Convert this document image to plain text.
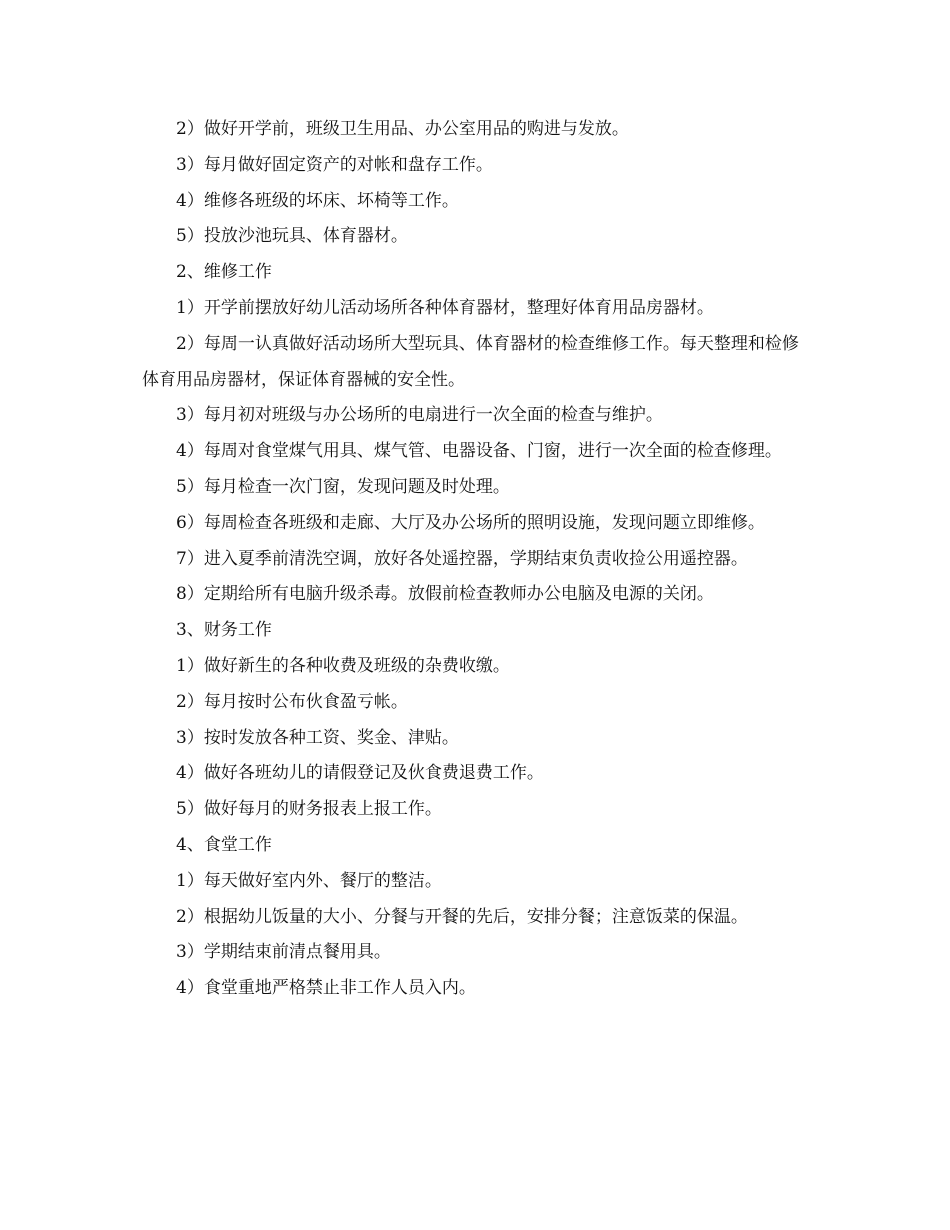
2）做好开学前，班级卫生用品、办公室用品的购进与发放。

3）每月做好固定资产的对帐和盘存工作。

4）维修各班级的坏床、坏椅等工作。

5）投放沙池玩具、体育器材。

2、维修工作

1）开学前摆放好幼儿活动场所各种体育器材，整理好体育用品房器材。

2）每周一认真做好活动场所大型玩具、体育器材的检查维修工作。每天整理和检修体育用品房器材，保证体育器械的安全性。

3）每月初对班级与办公场所的电扇进行一次全面的检查与维护。

4）每周对食堂煤气用具、煤气管、电器设备、门窗，进行一次全面的检查修理。

5）每月检查一次门窗，发现问题及时处理。

6）每周检查各班级和走廊、大厅及办公场所的照明设施，发现问题立即维修。

7）进入夏季前清洗空调，放好各处遥控器，学期结束负责收捡公用遥控器。

8）定期给所有电脑升级杀毒。放假前检查教师办公电脑及电源的关闭。

3、财务工作

1）做好新生的各种收费及班级的杂费收缴。

2）每月按时公布伙食盈亏帐。

3）按时发放各种工资、奖金、津贴。

4）做好各班幼儿的请假登记及伙食费退费工作。

5）做好每月的财务报表上报工作。

4、食堂工作

1）每天做好室内外、餐厅的整洁。

2）根据幼儿饭量的大小、分餐与开餐的先后，安排分餐；注意饭菜的保温。

3）学期结束前清点餐用具。

4）食堂重地严格禁止非工作人员入内。
